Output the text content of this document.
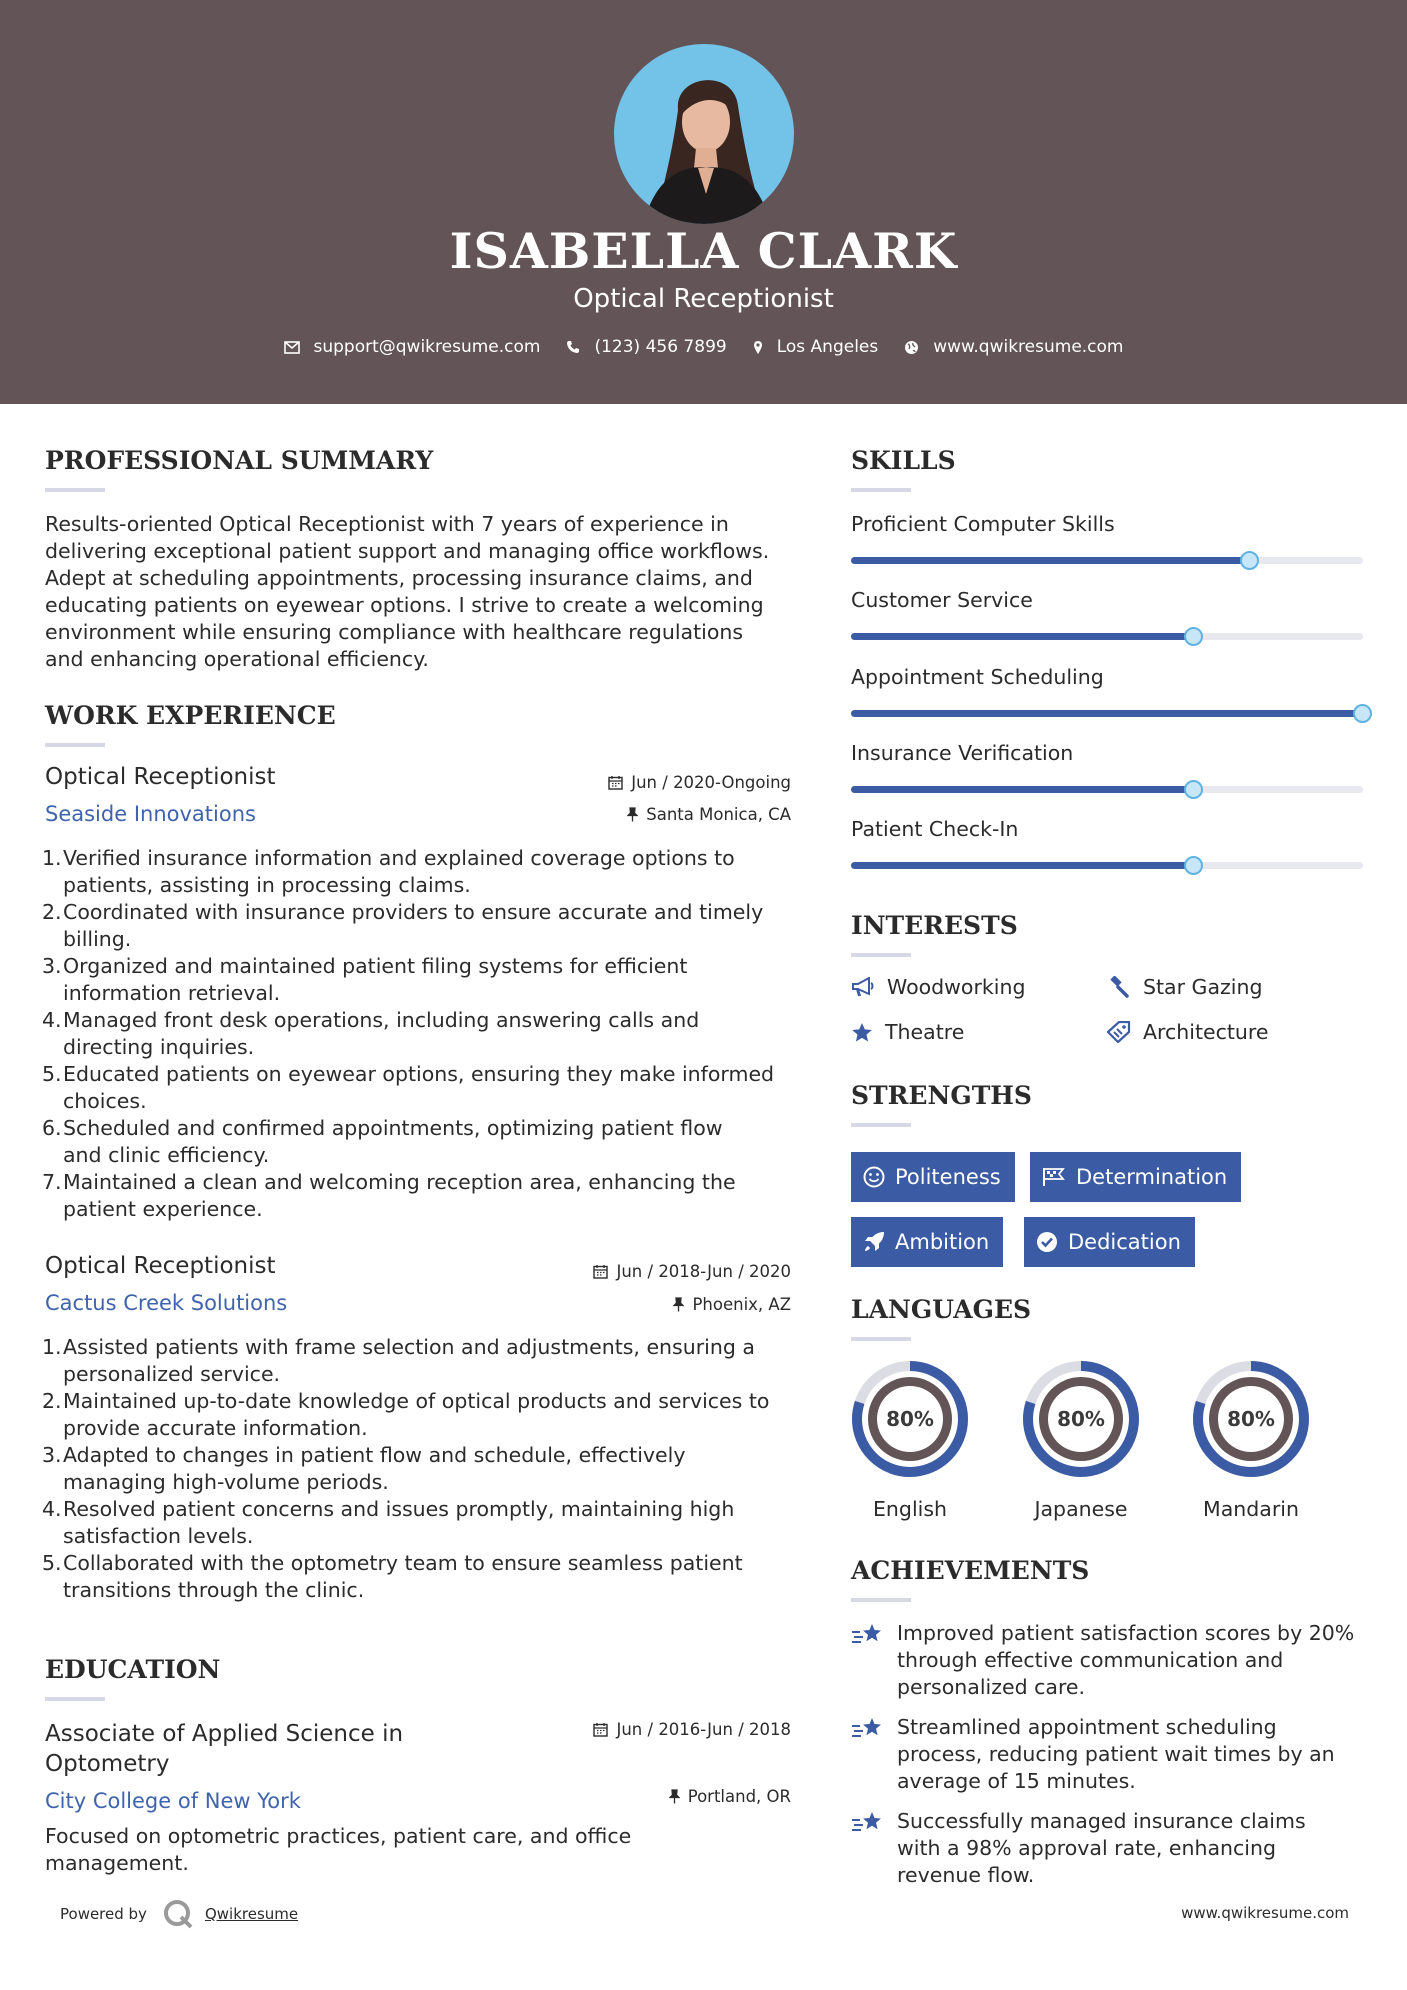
ISABELLA CLARK
Optical Receptionist
support@qwikresume.com	(123) 456 7899	Los Angeles	www.qwikresume.com
PROFESSIONAL SUMMARY
Results-oriented Optical Receptionist with 7 years of experience in
delivering exceptional patient support and managing office workflows.
Adept at scheduling appointments, processing insurance claims, and
educating patients on eyewear options. I strive to create a welcoming
environment while ensuring compliance with healthcare regulations
and enhancing operational efficiency.
WORK EXPERIENCE
Optical Receptionist
Seaside Innovations
Jun / 2020-Ongoing
Santa Monica, CA
1. Verified insurance information and explained coverage options to
patients, assisting in processing claims.
2. Coordinated with insurance providers to ensure accurate and timely
billing.
3. Organized and maintained patient filing systems for efficient
information retrieval.
4. Managed front desk operations, including answering calls and
directing inquiries.
5. Educated patients on eyewear options, ensuring they make informed
choices.
6. Scheduled and confirmed appointments, optimizing patient flow
and clinic efficiency.
7. Maintained a clean and welcoming reception area, enhancing the
patient experience.
Optical Receptionist
Cactus Creek Solutions
Jun / 2018-Jun / 2020
Phoenix, AZ
1. Assisted patients with frame selection and adjustments, ensuring a
personalized service.
2. Maintained up-to-date knowledge of optical products and services to
provide accurate information.
3. Adapted to changes in patient flow and schedule, effectively
managing high-volume periods.
4. Resolved patient concerns and issues promptly, maintaining high
satisfaction levels.
5. Collaborated with the optometry team to ensure seamless patient
transitions through the clinic.
EDUCATION
Associate of Applied Science in
Optometry
City College of New York
Jun / 2016-Jun / 2018
Portland, OR
Focused on optometric practices, patient care, and office
management.
SKILLS
Proficient Computer Skills
Customer Service
Appointment Scheduling
Insurance Verification
Patient Check-In
INTERESTS
Woodworking	Star Gazing
Theatre	Architecture
STRENGTHS
Politeness	Determination
Ambition	Dedication
LANGUAGES
80%
English
80%
Japanese
80%
Mandarin
ACHIEVEMENTS
Improved patient satisfaction scores by 20%
through effective communication and
personalized care.
Streamlined appointment scheduling
process, reducing patient wait times by an
average of 15 minutes.
Successfully managed insurance claims
with a 98% approval rate, enhancing
revenue flow.
Powered by	Qwikresume	www.qwikresume.com
